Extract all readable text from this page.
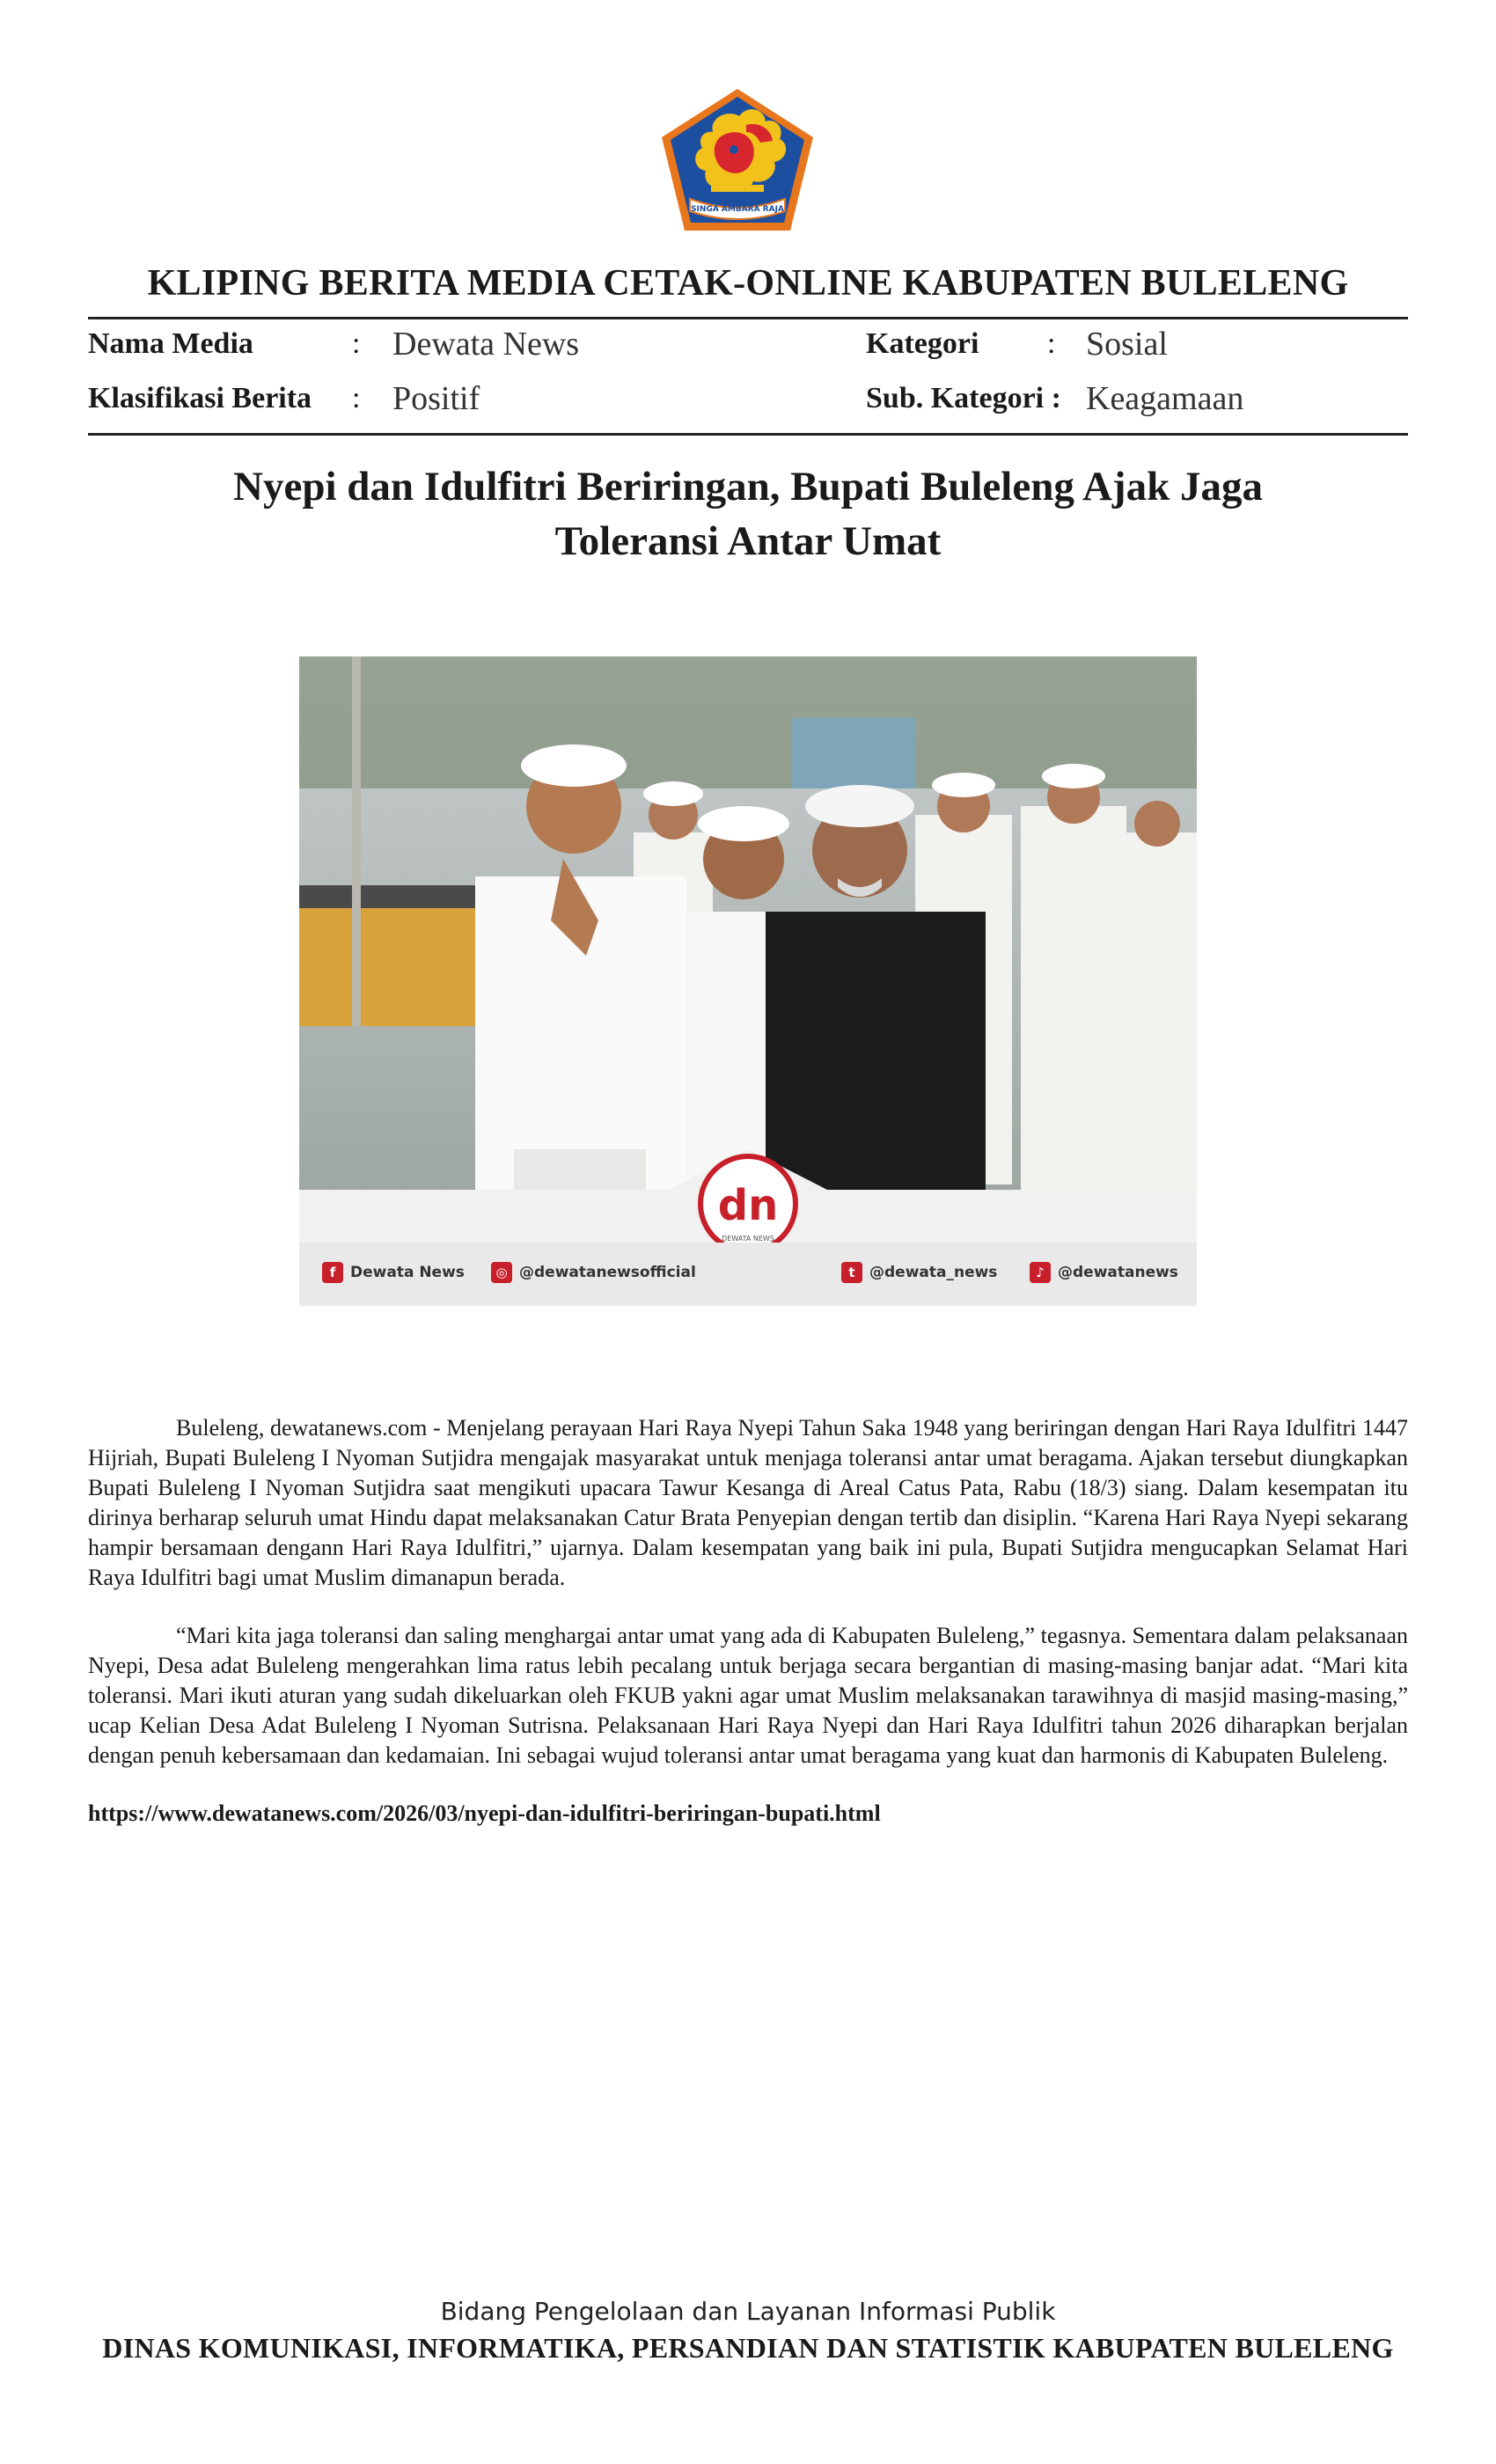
SINGA AMBARA RAJA
KLIPING BERITA MEDIA CETAK-ONLINE KABUPATEN BULELENG
Nama Media	: Dewata News
Klasifikasi Berita : Positif
Kategori : Sosial
Sub. Kategori : Keagamaan
Nyepi dan Idulfitri Beriringan, Bupati Buleleng Ajak Jaga
Toleransi Antar Umat
dn
DEWATA NEWS
f Dewata News	◎ @dewatanewsofficial	t @dewata_news	♪ @dewatanews

Buleleng, dewatanews.com - Menjelang perayaan Hari Raya Nyepi Tahun Saka 1948 yang beriringan dengan Hari Raya Idulfitri 1447 Hijriah, Bupati Buleleng I Nyoman Sutjidra mengajak masyarakat untuk menjaga toleransi antar umat beragama. Ajakan tersebut diungkapkan Bupati Buleleng I Nyoman Sutjidra saat mengikuti upacara Tawur Kesanga di Areal Catus Pata, Rabu (18/3) siang. Dalam kesempatan itu dirinya berharap seluruh umat Hindu dapat melaksanakan Catur Brata Penyepian dengan tertib dan disiplin. “Karena Hari Raya Nyepi sekarang hampir bersamaan dengann Hari Raya Idulfitri,” ujarnya. Dalam kesempatan yang baik ini pula, Bupati Sutjidra mengucapkan Selamat Hari Raya Idulfitri bagi umat Muslim dimanapun berada.

“Mari kita jaga toleransi dan saling menghargai antar umat yang ada di Kabupaten Buleleng,” tegasnya. Sementara dalam pelaksanaan Nyepi, Desa adat Buleleng mengerahkan lima ratus lebih pecalang untuk berjaga secara bergantian di masing-masing banjar adat. “Mari kita toleransi. Mari ikuti aturan yang sudah dikeluarkan oleh FKUB yakni agar umat Muslim melaksanakan tarawihnya di masjid masing-masing,” ucap Kelian Desa Adat Buleleng I Nyoman Sutrisna. Pelaksanaan Hari Raya Nyepi dan Hari Raya Idulfitri tahun 2026 diharapkan berjalan dengan penuh kebersamaan dan kedamaian. Ini sebagai wujud toleransi antar umat beragama yang kuat dan harmonis di Kabupaten Buleleng.

https://www.dewatanews.com/2026/03/nyepi-dan-idulfitri-beriringan-bupati.html
Bidang Pengelolaan dan Layanan Informasi Publik
DINAS KOMUNIKASI, INFORMATIKA, PERSANDIAN DAN STATISTIK KABUPATEN BULELENG
